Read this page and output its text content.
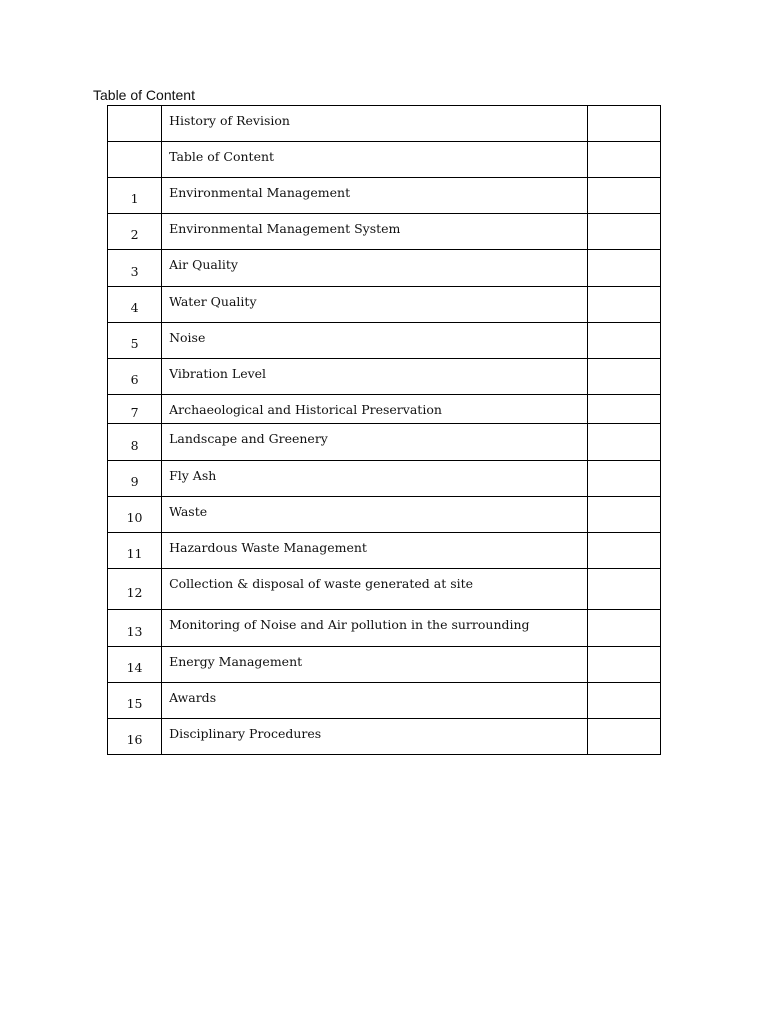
Table of Content

	History of Revision	

	Table of Content	

1	Environmental Management	

2	Environmental Management System	

3	Air Quality	

4	Water Quality	

5	Noise	

6	Vibration Level	

7	Archaeological and Historical Preservation	

8	Landscape and Greenery	

9	Fly Ash	

10	Waste	

11	Hazardous Waste Management	

12	Collection & disposal of waste generated at site	

13	Monitoring of Noise and Air pollution in the surrounding	

14	Energy Management	

15	Awards	

16	Disciplinary Procedures	
